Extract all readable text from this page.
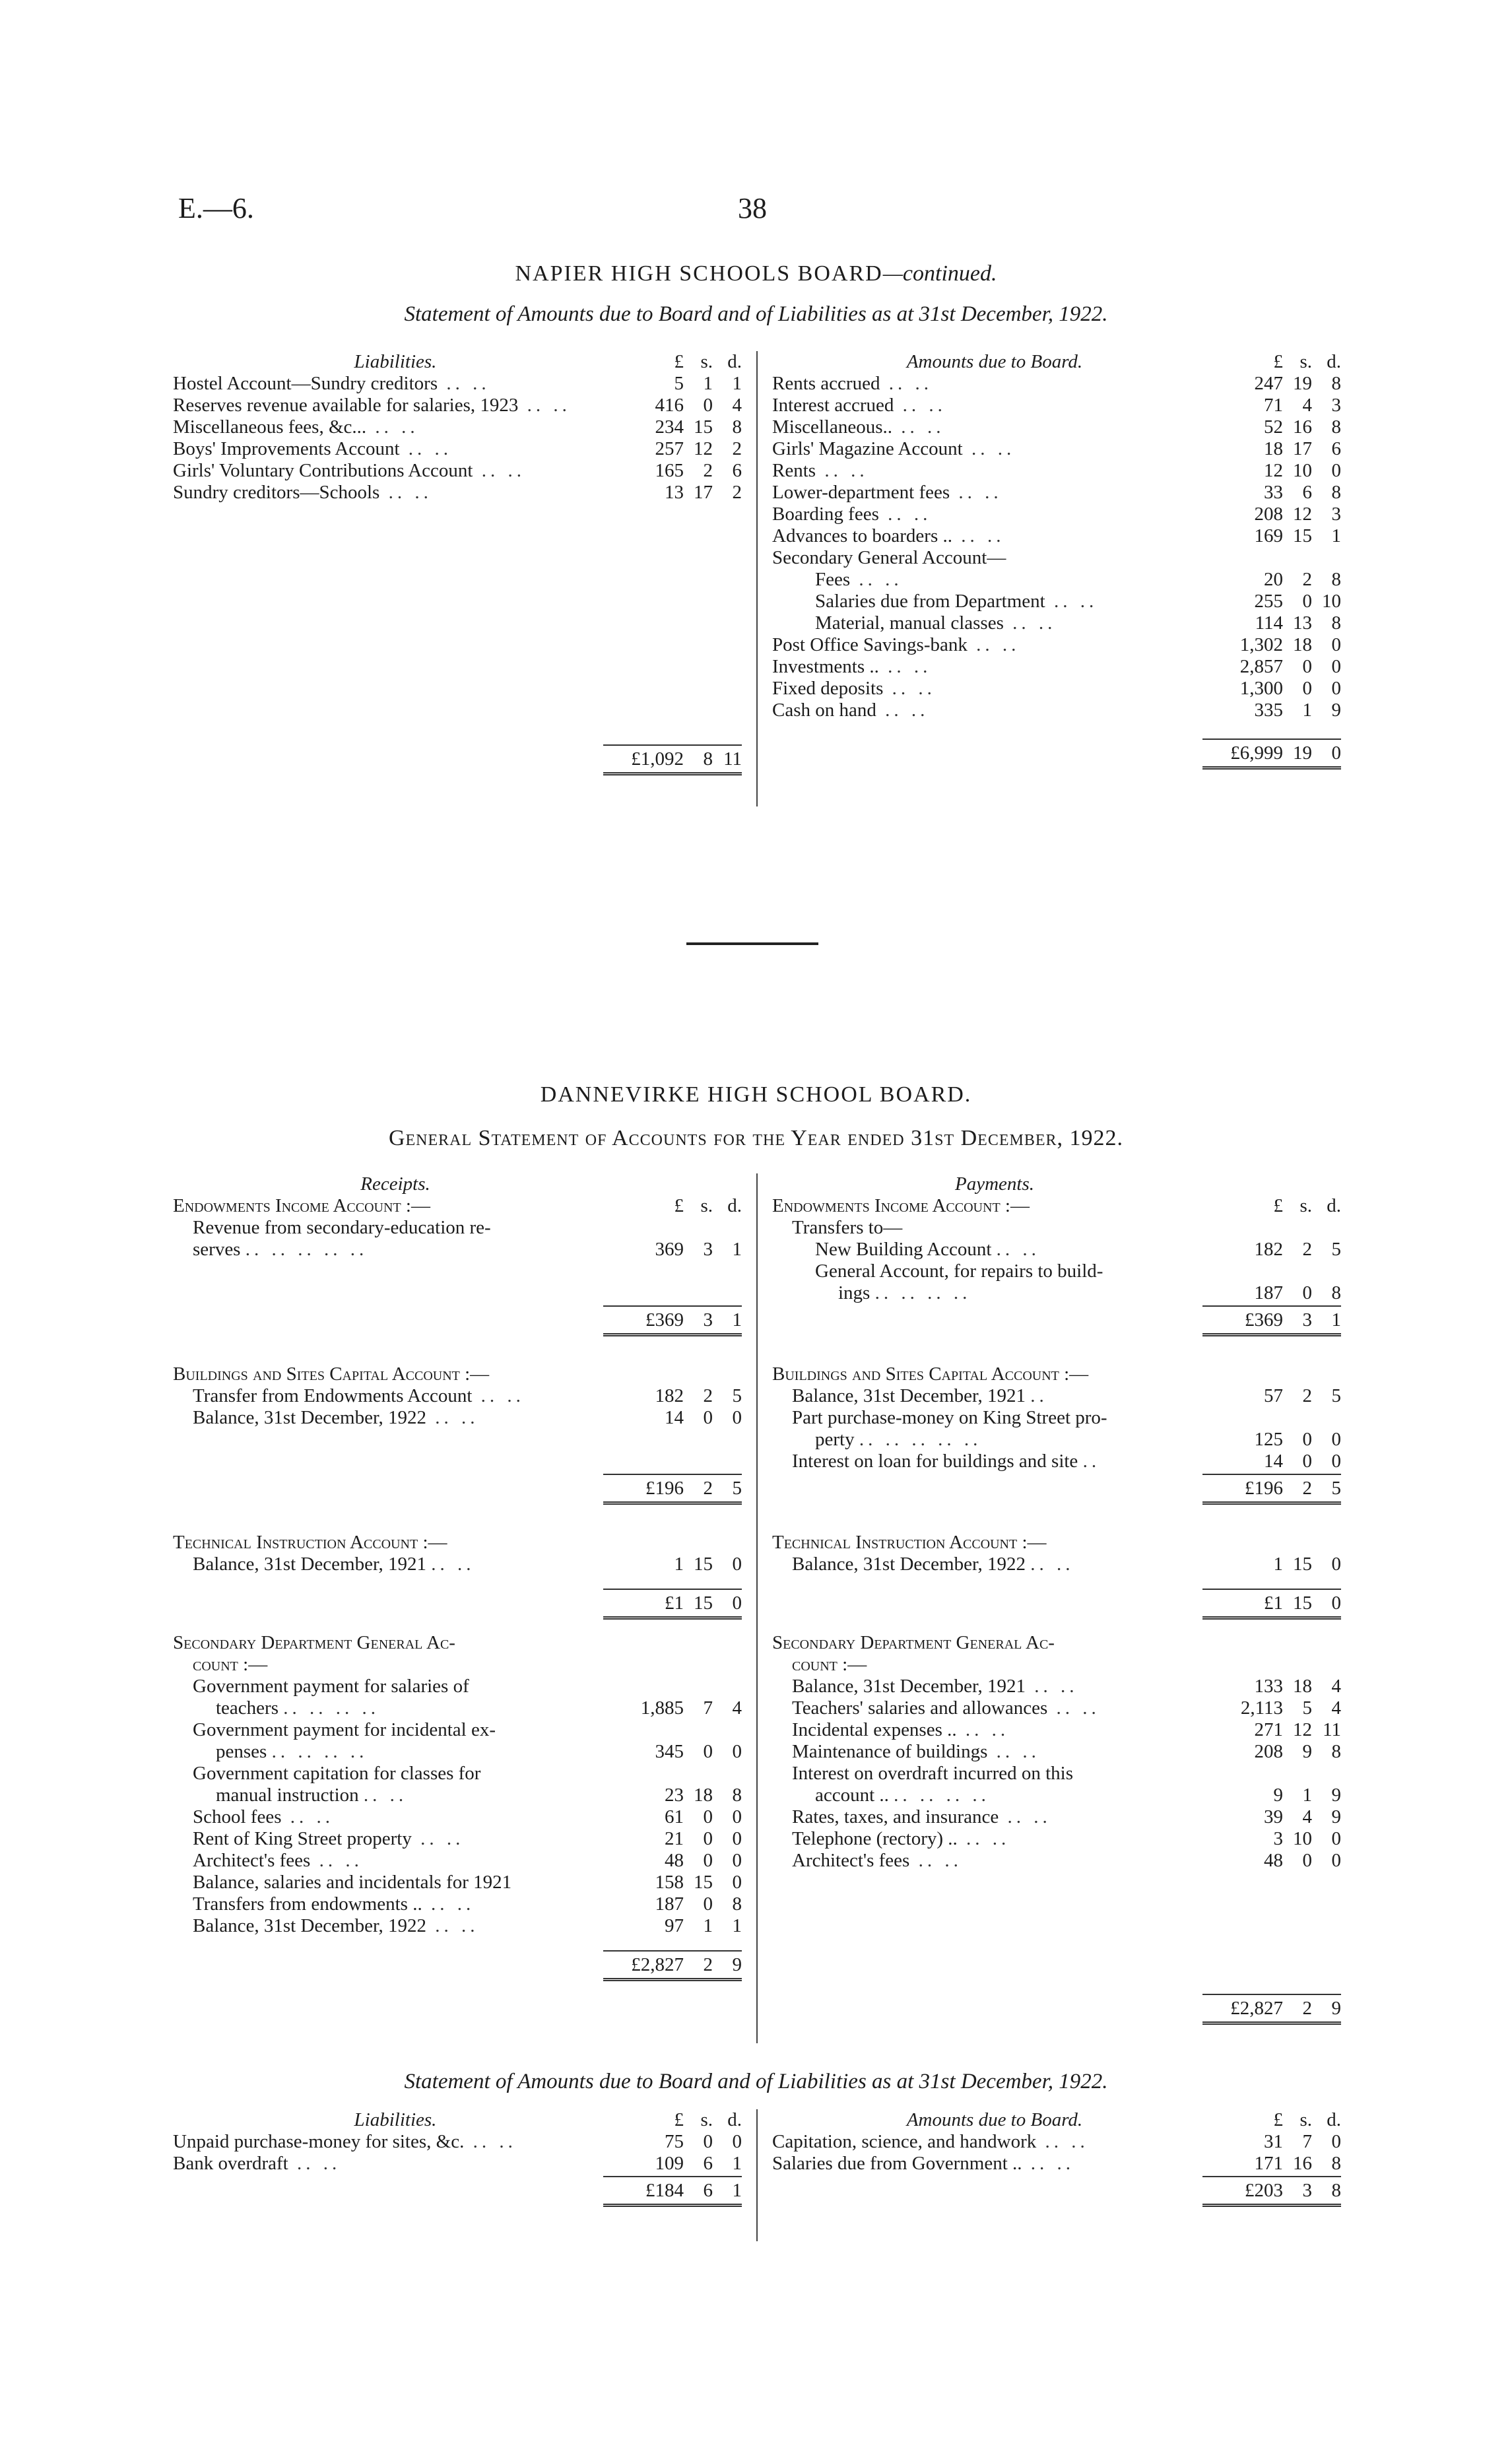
E.—6.	38
NAPIER HIGH SCHOOLS BOARD—continued.
Statement of Amounts due to Board and of Liabilities as at 31st December, 1922.
Liabilities.	£ s. d.
Hostel Account—Sundry creditors .. ..	5	1	1
Reserves revenue available for salaries, 1923 .. ..	416	0	4
Miscellaneous fees, &c... .. ..	234 15	8
Boys' Improvements Account .. ..	257 12	2
Girls' Voluntary Contributions Account .. ..	165	2	6
Sundry creditors—Schools .. ..	13 17	2
£1,092	8 11
Amounts due to Board.	£ s. d.
Rents accrued .. ..	247 19	8
Interest accrued .. ..	71	4	3
Miscellaneous.. .. ..	52 16	8
Girls' Magazine Account .. ..	18 17	6
Rents .. ..	12 10	0
Lower-department fees .. ..	33	6	8
Boarding fees .. ..	208 12	3
Advances to boarders .. .. ..	169 15	1
Secondary General Account—
Fees .. ..	20	2	8
Salaries due from Department .. ..	255	0 10
Material, manual classes .. ..	114 13	8
Post Office Savings-bank .. ..	1,302 18	0
Investments .. .. ..	2,857	0	0
Fixed deposits .. ..	1,300	0	0
Cash on hand .. ..	335	1	9
£6,999 19	0
DANNEVIRKE HIGH SCHOOL BOARD.
General Statement of Accounts for the Year ended 31st December, 1922.
Receipts.
Endowments Income Account :—	£ s. d.
Revenue from secondary-education re-
serves .. .. .. .. ..	369	3	1
£369	3	1
Buildings and Sites Capital Account :—
Transfer from Endowments Account .. ..	182	2	5
Balance, 31st December, 1922 .. ..	14	0	0
£196	2	5
Technical Instruction Account :—
Balance, 31st December, 1921 .. ..	1 15	0
£1 15	0
Secondary Department General Ac-
count :—
Government payment for salaries of
teachers .. .. .. ..	1,885	7	4
Government payment for incidental ex-
penses .. .. .. ..	345	0	0
Government capitation for classes for
manual instruction .. ..	23 18	8
School fees .. ..	61	0	0
Rent of King Street property .. ..	21	0	0
Architect's fees .. ..	48	0	0
Balance, salaries and incidentals for 1921	158 15	0
Transfers from endowments .. .. ..	187	0	8
Balance, 31st December, 1922 .. ..	97	1	1
£2,827	2	9
Payments.
Endowments Income Account :—	£ s. d.
Transfers to—
New Building Account .. ..	182	2	5
General Account, for repairs to build-
ings .. .. .. ..	187	0	8
£369	3	1
Buildings and Sites Capital Account :—
Balance, 31st December, 1921 ..	57	2	5
Part purchase-money on King Street pro-
perty .. .. .. .. ..	125	0	0
Interest on loan for buildings and site ..	14	0	0
£196	2	5
Technical Instruction Account :—
Balance, 31st December, 1922 .. ..	1 15	0
£1 15	0
Secondary Department General Ac-
count :—
Balance, 31st December, 1921 .. ..	133 18	4
Teachers' salaries and allowances .. ..	2,113	5	4
Incidental expenses .. .. ..	271 12 11
Maintenance of buildings .. ..	208	9	8
Interest on overdraft incurred on this
account .. .. .. .. ..	9	1	9
Rates, taxes, and insurance .. ..	39	4	9
Telephone (rectory) .. .. ..	3 10	0
Architect's fees .. ..	48	0	0
£2,827	2	9
Statement of Amounts due to Board and of Liabilities as at 31st December, 1922.
Liabilities.	£ s. d.
Unpaid purchase-money for sites, &c. .. ..	75	0	0
Bank overdraft .. ..	109	6	1
£184	6	1
Amounts due to Board.	£ s. d.
Capitation, science, and handwork .. ..	31	7	0
Salaries due from Government .. .. ..	171 16	8
£203	3	8
